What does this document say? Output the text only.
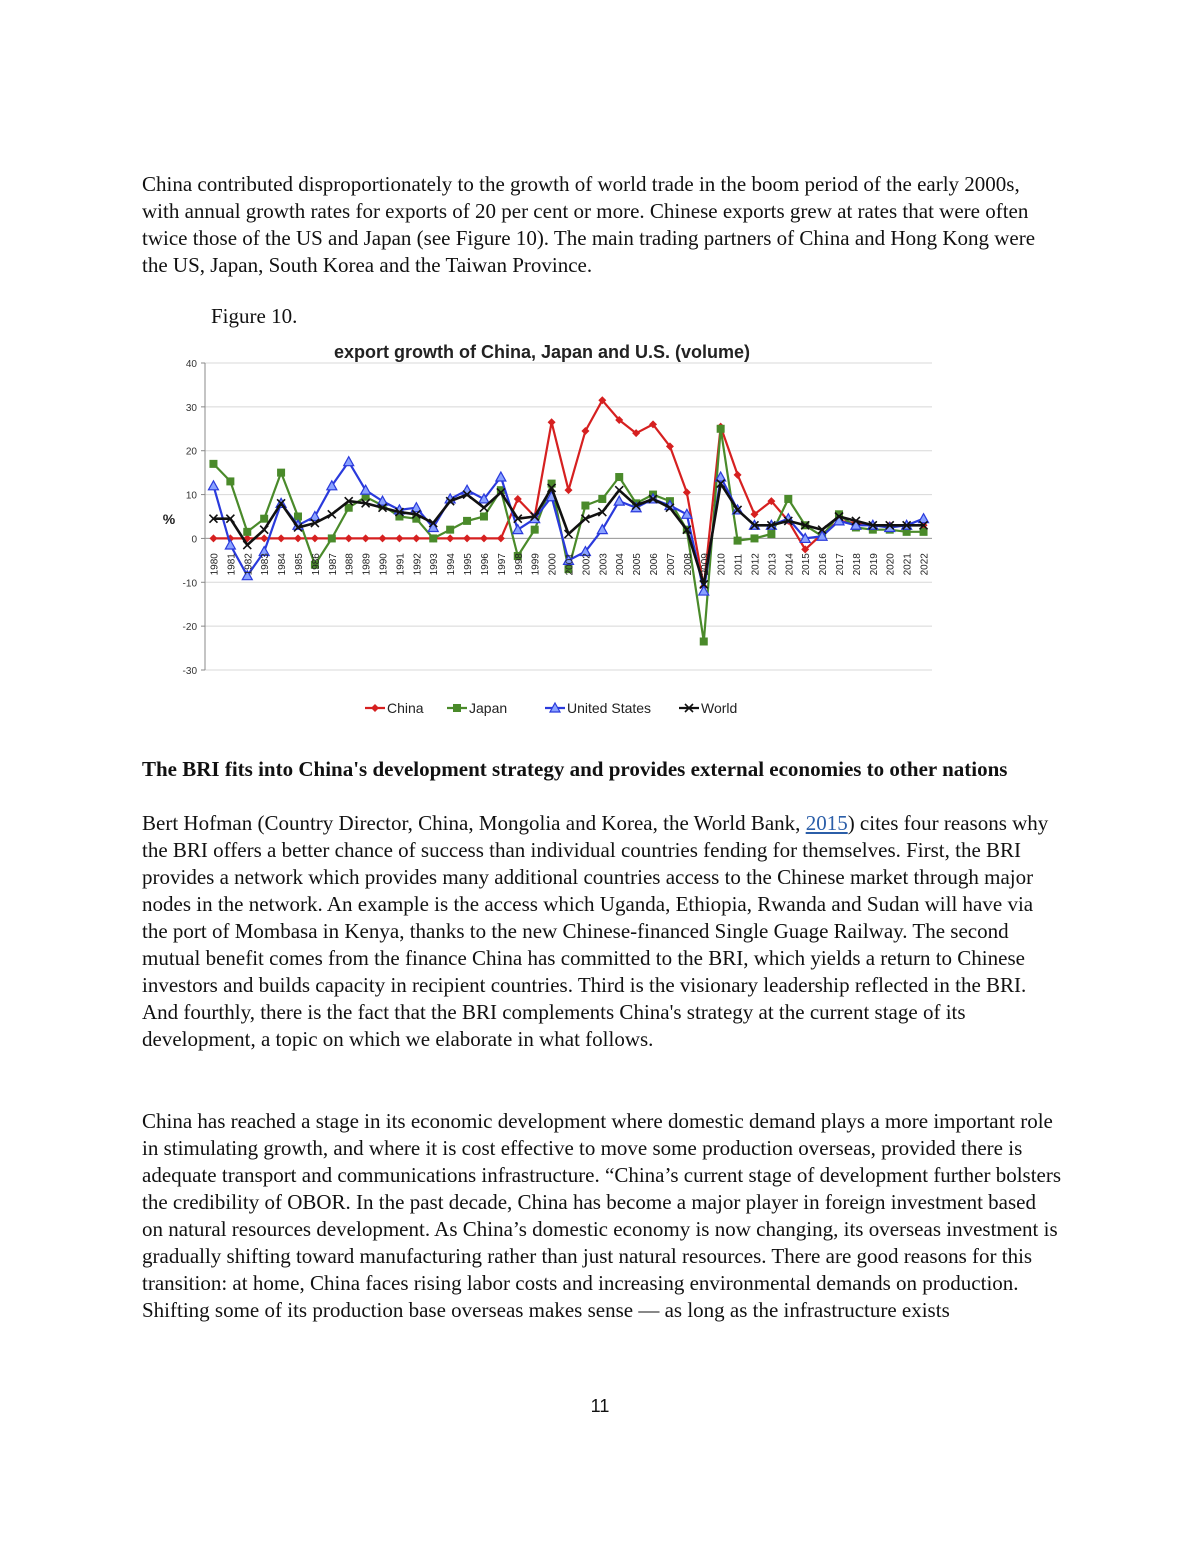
China contributed disproportionately to the growth of world trade in the boom period of the early 2000s, with annual growth rates for exports of 20 per cent or more. Chinese exports grew at rates that were often twice those of the US and Japan (see Figure 10). The main trading partners of China and Hong Kong were the US, Japan, South Korea and the Taiwan Province.

Figure 10.
export growth of China, Japan and U.S. (volume)
40
30
20
10
0
-10
-20
-30
%
1980 1981 1982 1983 1984 1985 1986 1987 1988 1989 1990 1991 1992 1993 1994 1995 1996 1997 1998 1999 2000 2001 2002 2003 2004 2005 2006 2007 2008 2009 2010 2011 2012 2013 2014 2015 2016 2017 2018 2019 2020 2021 2022
China	Japan	United States	World

The BRI fits into China's development strategy and provides external economies to other nations

Bert Hofman (Country Director, China, Mongolia and Korea, the World Bank, 2015) cites four reasons why the BRI offers a better chance of success than individual countries fending for themselves. First, the BRI provides a network which provides many additional countries access to the Chinese market through major nodes in the network. An example is the access which Uganda, Ethiopia, Rwanda and Sudan will have via the port of Mombasa in Kenya, thanks to the new Chinese-financed Single Guage Railway. The second mutual benefit comes from the finance China has committed to the BRI, which yields a return to Chinese investors and builds capacity in recipient countries. Third is the visionary leadership reflected in the BRI. And fourthly, there is the fact that the BRI complements China's strategy at the current stage of its development, a topic on which we elaborate in what follows.

China has reached a stage in its economic development where domestic demand plays a more important role in stimulating growth, and where it is cost effective to move some production overseas, provided there is adequate transport and communications infrastructure. “China’s current stage of development further bolsters the credibility of OBOR. In the past decade, China has become a major player in foreign investment based on natural resources development. As China’s domestic economy is now changing, its overseas investment is gradually shifting toward manufacturing rather than just natural resources. There are good reasons for this transition: at home, China faces rising labor costs and increasing environmental demands on production. Shifting some of its production base overseas makes sense — as long as the infrastructure exists

11
